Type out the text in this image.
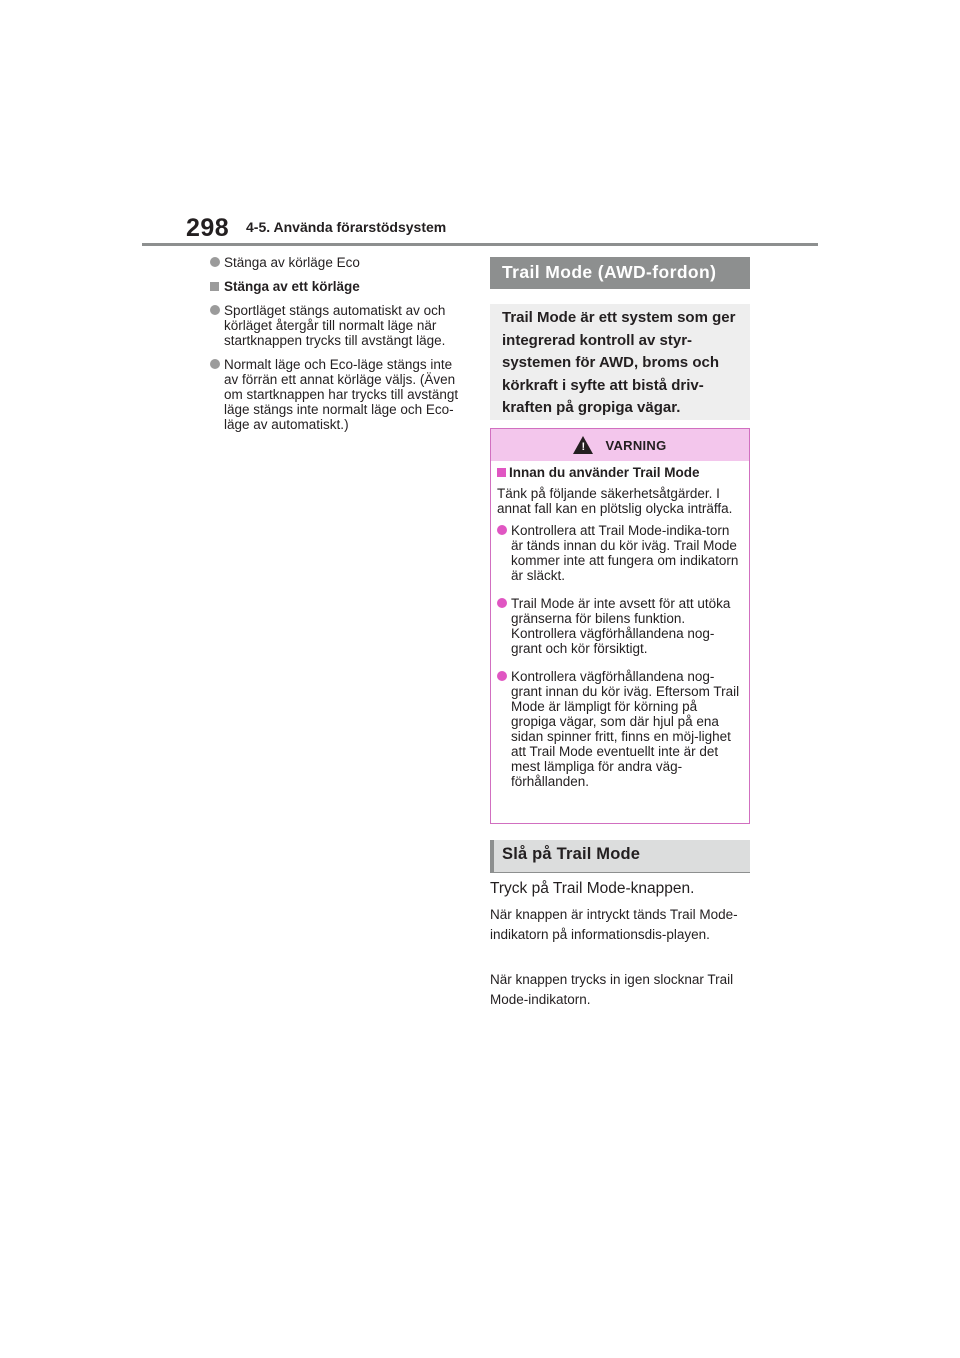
298 4-5. Använda förarstödsystem
Stänga av körläge Eco
Stänga av ett körläge
Sportläget stängs automatiskt av och körläget återgår till normalt läge när startknappen trycks till avstängt läge.
Normalt läge och Eco-läge stängs inte av förrän ett annat körläge väljs. (Även om startknappen har trycks till avstängt läge stängs inte normalt läge och Eco-läge av automatiskt.)
Trail Mode (AWD-fordon)
Trail Mode är ett system som ger integrerad kontroll av styr-systemen för AWD, broms och körkraft i syfte att bistå driv-kraften på gropiga vägar.
!
VARNING
Innan du använder Trail Mode
Tänk på följande säkerhetsåtgärder. I annat fall kan en plötslig olycka inträffa.
Kontrollera att Trail Mode-indika-torn är tänds innan du kör iväg. Trail Mode kommer inte att fungera om indikatorn är släckt.
Trail Mode är inte avsett för att utöka gränserna för bilens funktion. Kontrollera vägförhållandena nog-grant och kör försiktigt.
Kontrollera vägförhållandena nog-grant innan du kör iväg. Eftersom Trail Mode är lämpligt för körning på gropiga vägar, som där hjul på ena sidan spinner fritt, finns en möj-lighet att Trail Mode eventuellt inte är det mest lämpliga för andra väg-förhållanden.
Slå på Trail Mode
Tryck på Trail Mode-knappen.
När knappen är intryckt tänds Trail Mode-indikatorn på informationsdis-playen.
När knappen trycks in igen slocknar Trail Mode-indikatorn.
